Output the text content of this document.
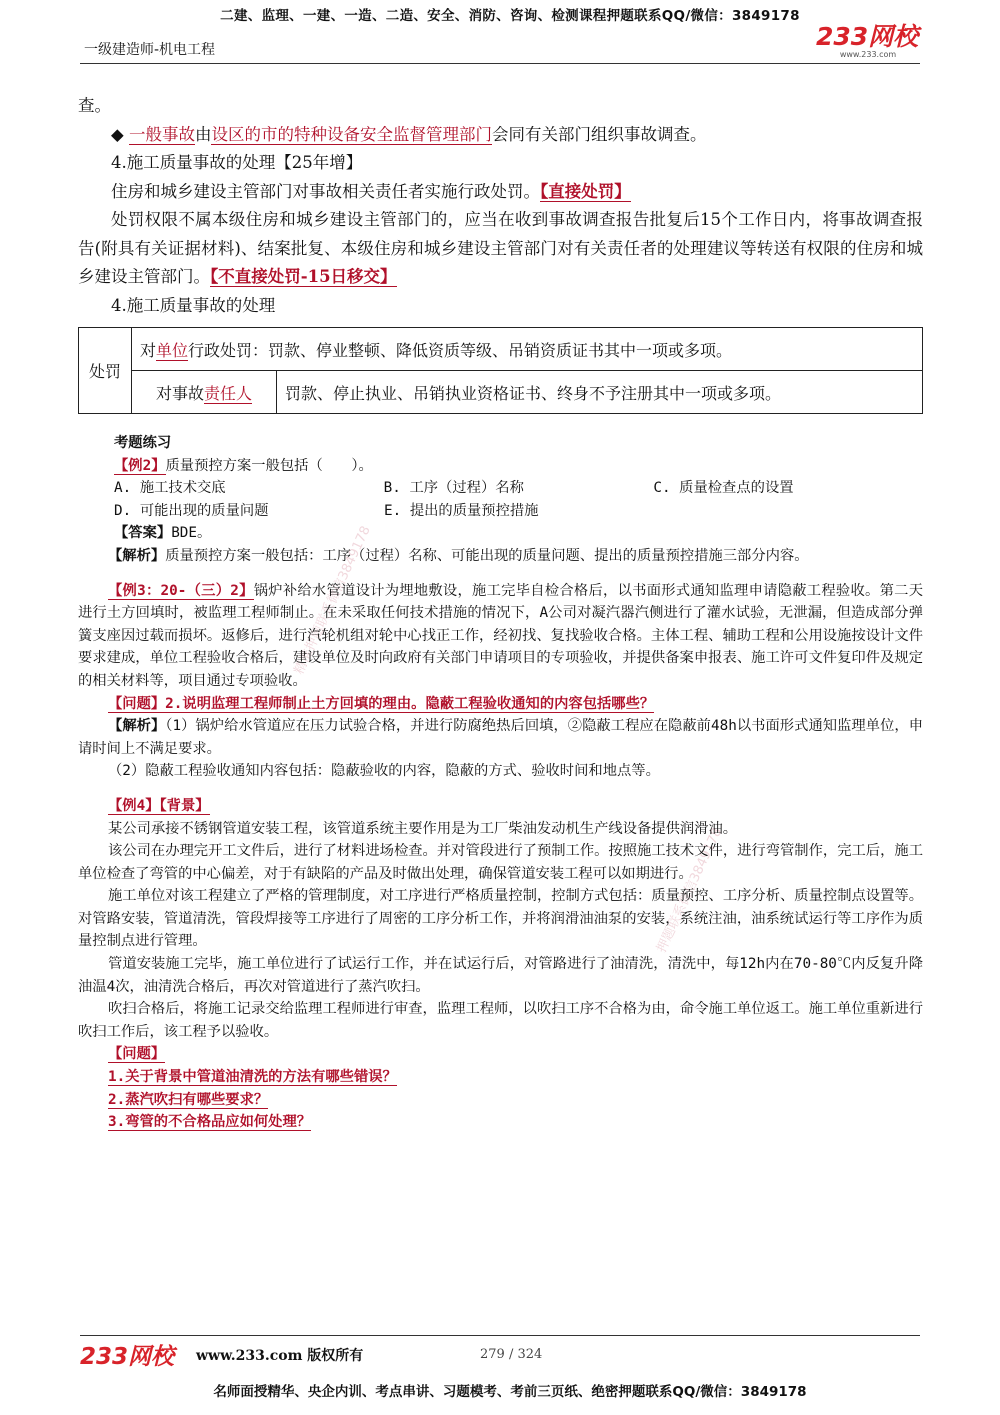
二建、监理、一建、一造、二造、安全、消防、咨询、检测课程押题联系QQ/微信：3849178
一级建造师-机电工程	233网校
www.233.com
精准押题联系微信3849178
押题联系微信3849178

查。

◆ 一般事故由设区的市的特种设备安全监督管理部门会同有关部门组织事故调查。

4.施工质量事故的处理【25年增】

住房和城乡建设主管部门对事故相关责任者实施行政处罚。【直接处罚】

处罚权限不属本级住房和城乡建设主管部门的，应当在收到事故调查报告批复后15个工作日内，将事故调查报告(附具有关证据材料)、结案批复、本级住房和城乡建设主管部门对有关责任者的处理建议等转送有权限的住房和城乡建设主管部门。【不直接处罚-15日移交】

4.施工质量事故的处理

处罚	对单位行政处罚：罚款、停业整顿、降低资质等级、吊销资质证书其中一项或多项。	
	对事故责任人	罚款、停止执业、吊销执业资格证书、终身不予注册其中一项或多项。

考题练习

【例2】质量预控方案一般包括（　　）。

A. 施工技术交底	B. 工序（过程）名称	C. 质量检查点的设置
D. 可能出现的质量问题	E. 提出的质量预控措施

【答案】BDE。

【解析】质量预控方案一般包括：工序（过程）名称、可能出现的质量问题、提出的质量预控措施三部分内容。

【例3：20-（三）2】锅炉补给水管道设计为埋地敷设，施工完毕自检合格后，以书面形式通知监理申请隐蔽工程验收。第二天进行土方回填时，被监理工程师制止。在未采取任何技术措施的情况下，A公司对凝汽器汽侧进行了灌水试验，无泄漏，但造成部分弹簧支座因过载而损坏。返修后，进行汽轮机组对轮中心找正工作，经初找、复找验收合格。主体工程、辅助工程和公用设施按设计文件要求建成，单位工程验收合格后，建设单位及时向政府有关部门申请项目的专项验收，并提供备案申报表、施工许可文件复印件及规定的相关材料等，项目通过专项验收。

【问题】2.说明监理工程师制止土方回填的理由。隐蔽工程验收通知的内容包括哪些？

【解析】（1）锅炉给水管道应在压力试验合格，并进行防腐绝热后回填，②隐蔽工程应在隐蔽前48h以书面形式通知监理单位，申请时间上不满足要求。

（2）隐蔽工程验收通知内容包括：隐蔽验收的内容，隐蔽的方式、验收时间和地点等。

【例4】【背景】

某公司承接不锈钢管道安装工程，该管道系统主要作用是为工厂柴油发动机生产线设备提供润滑油。

该公司在办理完开工文件后，进行了材料进场检查。并对管段进行了预制工作。按照施工技术文件，进行弯管制作，完工后，施工单位检查了弯管的中心偏差，对于有缺陷的产品及时做出处理，确保管道安装工程可以如期进行。

施工单位对该工程建立了严格的管理制度，对工序进行严格质量控制，控制方式包括：质量预控、工序分析、质量控制点设置等。对管路安装，管道清洗，管段焊接等工序进行了周密的工序分析工作，并将润滑油油泵的安装，系统注油，油系统试运行等工序作为质量控制点进行管理。

管道安装施工完毕，施工单位进行了试运行工作，并在试运行后，对管路进行了油清洗，清洗中，每12h内在70-80℃内反复升降油温4次，油清洗合格后，再次对管道进行了蒸汽吹扫。

吹扫合格后，将施工记录交给监理工程师进行审查，监理工程师，以吹扫工序不合格为由，命令施工单位返工。施工单位重新进行吹扫工作后，该工程予以验收。

【问题】

1.关于背景中管道油清洗的方法有哪些错误？

2.蒸汽吹扫有哪些要求？

3.弯管的不合格品应如何处理？

233网校 www.233.com 版权所有	279 / 324
名师面授精华、央企内训、考点串讲、习题模考、考前三页纸、绝密押题联系QQ/微信：3849178
